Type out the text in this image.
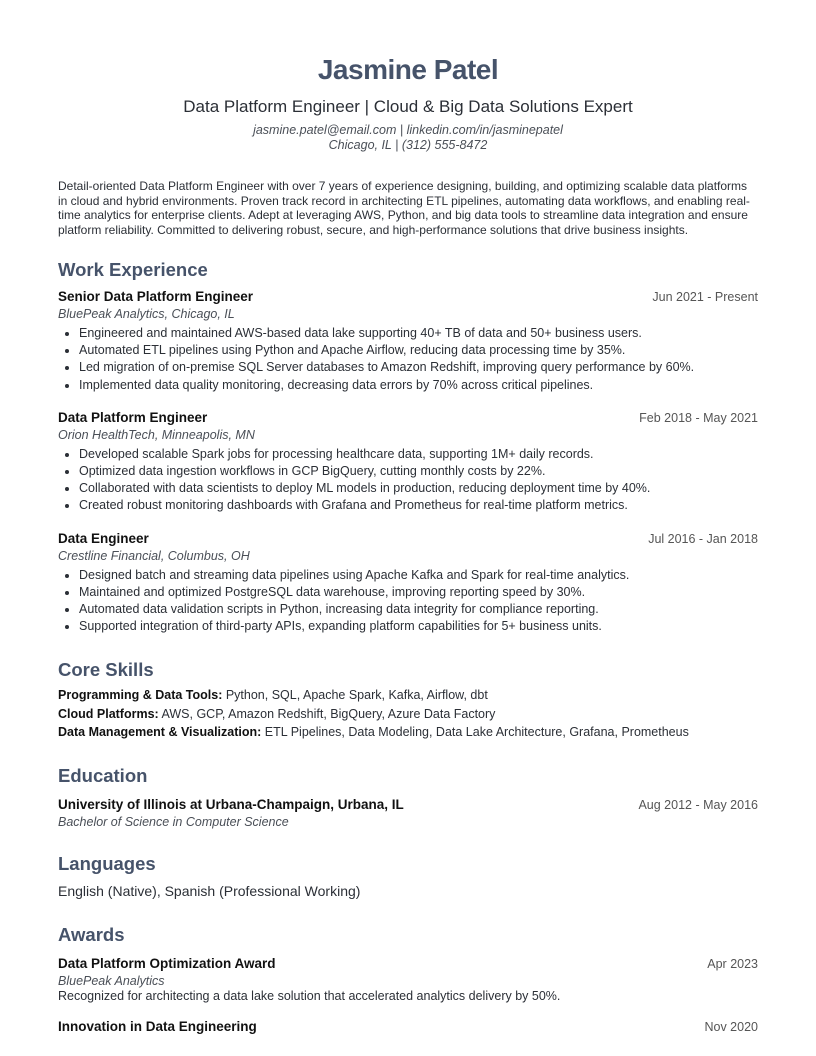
Jasmine Patel
Data Platform Engineer | Cloud & Big Data Solutions Expert
jasmine.patel@email.com | linkedin.com/in/jasminepatel
Chicago, IL | (312) 555-8472
Detail-oriented Data Platform Engineer with over 7 years of experience designing, building, and optimizing scalable data platforms in cloud and hybrid environments. Proven track record in architecting ETL pipelines, automating data workflows, and enabling real-time analytics for enterprise clients. Adept at leveraging AWS, Python, and big data tools to streamline data integration and ensure platform reliability. Committed to delivering robust, secure, and high-performance solutions that drive business insights.
Work Experience
Senior Data Platform Engineer	Jun 2021 - Present
BluePeak Analytics, Chicago, IL
• Engineered and maintained AWS-based data lake supporting 40+ TB of data and 50+ business users.
• Automated ETL pipelines using Python and Apache Airflow, reducing data processing time by 35%.
• Led migration of on-premise SQL Server databases to Amazon Redshift, improving query performance by 60%.
• Implemented data quality monitoring, decreasing data errors by 70% across critical pipelines.
Data Platform Engineer	Feb 2018 - May 2021
Orion HealthTech, Minneapolis, MN
• Developed scalable Spark jobs for processing healthcare data, supporting 1M+ daily records.
• Optimized data ingestion workflows in GCP BigQuery, cutting monthly costs by 22%.
• Collaborated with data scientists to deploy ML models in production, reducing deployment time by 40%.
• Created robust monitoring dashboards with Grafana and Prometheus for real-time platform metrics.
Data Engineer	Jul 2016 - Jan 2018
Crestline Financial, Columbus, OH
• Designed batch and streaming data pipelines using Apache Kafka and Spark for real-time analytics.
• Maintained and optimized PostgreSQL data warehouse, improving reporting speed by 30%.
• Automated data validation scripts in Python, increasing data integrity for compliance reporting.
• Supported integration of third-party APIs, expanding platform capabilities for 5+ business units.
Core Skills
Programming & Data Tools: Python, SQL, Apache Spark, Kafka, Airflow, dbt
Cloud Platforms: AWS, GCP, Amazon Redshift, BigQuery, Azure Data Factory
Data Management & Visualization: ETL Pipelines, Data Modeling, Data Lake Architecture, Grafana, Prometheus
Education
University of Illinois at Urbana-Champaign, Urbana, IL	Aug 2012 - May 2016
Bachelor of Science in Computer Science
Languages
English (Native), Spanish (Professional Working)
Awards
Data Platform Optimization Award	Apr 2023
BluePeak Analytics
Recognized for architecting a data lake solution that accelerated analytics delivery by 50%.
Innovation in Data Engineering	Nov 2020
